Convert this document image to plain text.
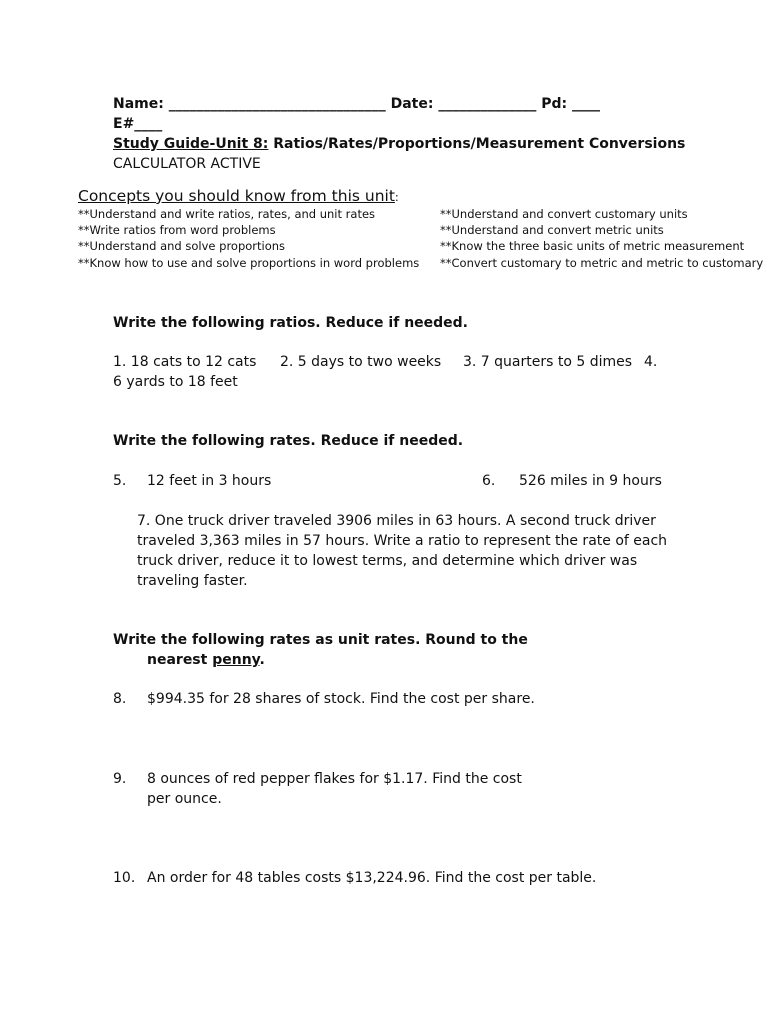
Name: _______________________________ Date: ______________ Pd: ____
E#____
Study Guide-Unit 8: Ratios/Rates/Proportions/Measurement Conversions
CALCULATOR ACTIVE
Concepts you should know from this unit:
**Understand and write ratios, rates, and unit rates
**Write ratios from word problems
**Understand and solve proportions
**Know how to use and solve proportions in word problems
**Understand and convert customary units
**Understand and convert metric units
**Know the three basic units of metric measurement
**Convert customary to metric and metric to customary
Write the following ratios. Reduce if needed.
1. 18 cats to 12 cats 2. 5 days to two weeks 3. 7 quarters to 5 dimes 4.
6 yards to 18 feet
Write the following rates. Reduce if needed.
5. 12 feet in 3 hours	6. 526 miles in 9 hours
7. One truck driver traveled 3906 miles in 63 hours. A second truck driver
traveled 3,363 miles in 57 hours. Write a ratio to represent the rate of each
truck driver, reduce it to lowest terms, and determine which driver was
traveling faster.
Write the following rates as unit rates. Round to the
nearest penny.
8. $994.35 for 28 shares of stock. Find the cost per share.
9. 8 ounces of red pepper flakes for $1.17. Find the cost
per ounce.
10. An order for 48 tables costs $13,224.96. Find the cost per table.
